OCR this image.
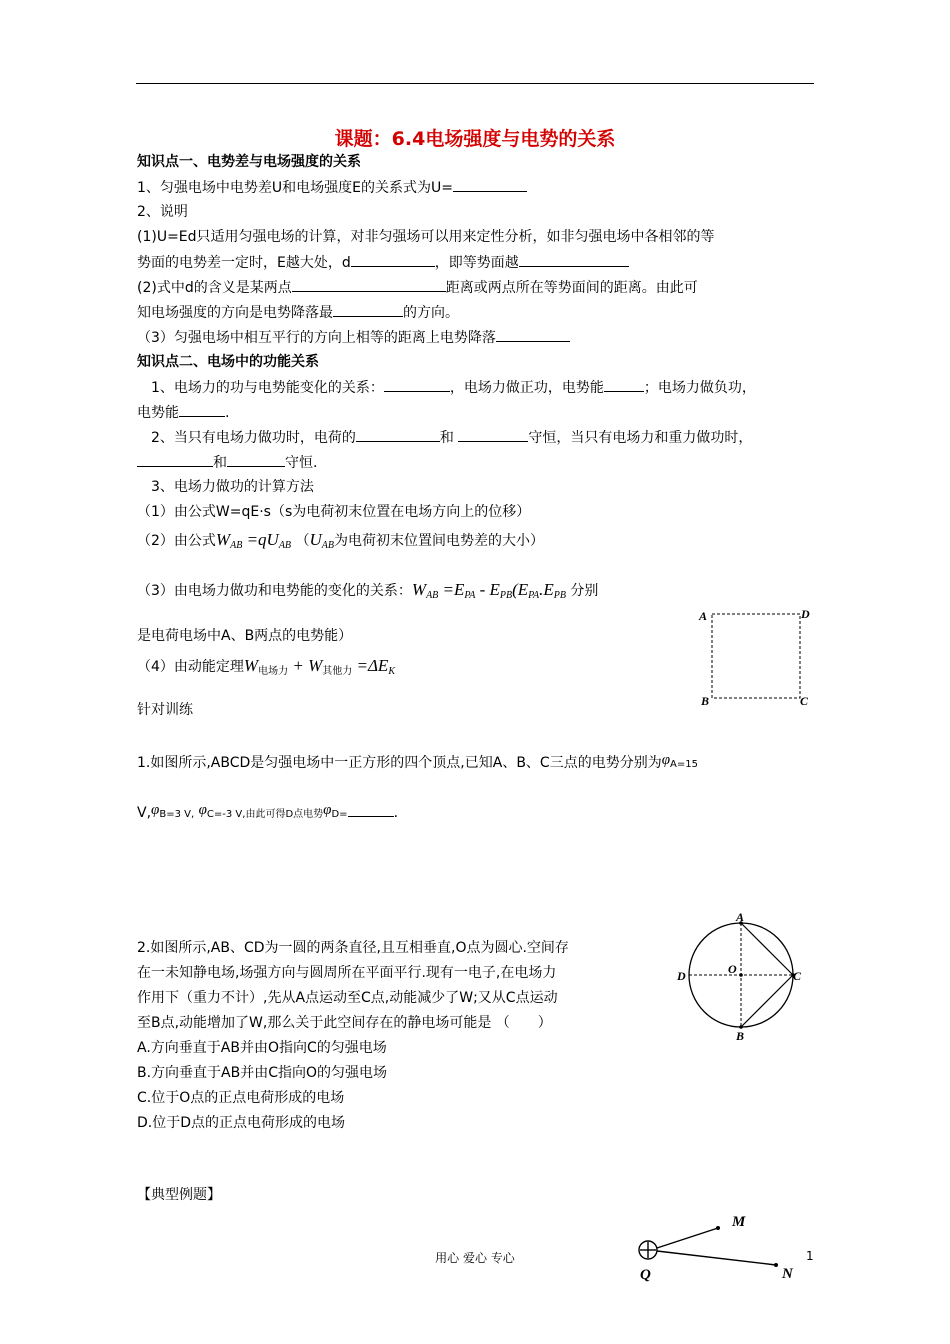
课题：6.4电场强度与电势的关系
知识点一、电势差与电场强度的关系
1、匀强电场中电势差U和电场强度E的关系式为U=
2、说明
(1)U=Ed只适用匀强电场的计算，对非匀强场可以用来定性分析，如非匀强电场中各相邻的等
势面的电势差一定时，E越大处，d	，即等势面越
(2)式中d的含义是某两点	距离或两点所在等势面间的距离。由此可
知电场强度的方向是电势降落最	的方向。
（3）匀强电场中相互平行的方向上相等的距离上电势降落
知识点二、电场中的功能关系
1、电场力的功与电势能变化的关系：	，电场力做正功，电势能	；电场力做负功，
电势能	.
2、当只有电场力做功时，电荷的	和	守恒，当只有电场力和重力做功时，
和	守恒.
3、电场力做功的计算方法
（1）由公式W=qE·s（s为电荷初末位置在电场方向上的位移）
（2）由公式$W_{AB} =qU_{AB}$ （$U_{AB}$为电荷初末位置间电势差的大小）
（3）由电场力做功和电势能的变化的关系：$W_{AB} =E_{PA} - E_{PB}(E_{PA}.E_{PB}$ 分别
是电荷电场中A、B两点的电势能）
（4）由动能定理W电场力 + W其他力 $=\Delta E_K$
A	D
B	C
针对训练
1.如图所示,ABCD是匀强电场中一正方形的四个顶点,已知A、B、C三点的电势分别为φA=15
V,φB=3 V, φC=-3 V,由此可得D点电势φD=	.
2.如图所示,AB、CD为一圆的两条直径,且互相垂直,O点为圆心.空间存
在一未知静电场,场强方向与圆周所在平面平行.现有一电子,在电场力
作用下（重力不计）,先从A点运动至C点,动能减少了W;又从C点运动
至B点,动能增加了W,那么关于此空间存在的静电场可能是 （　　）
A.方向垂直于AB并由O指向C的匀强电场
B.方向垂直于AB并由C指向O的匀强电场
C.位于O点的正点电荷形成的电场
D.位于D点的正点电荷形成的电场
A
D	O	C
B
【典型例题】
M
Q	N
用心 爱心 专心	1
